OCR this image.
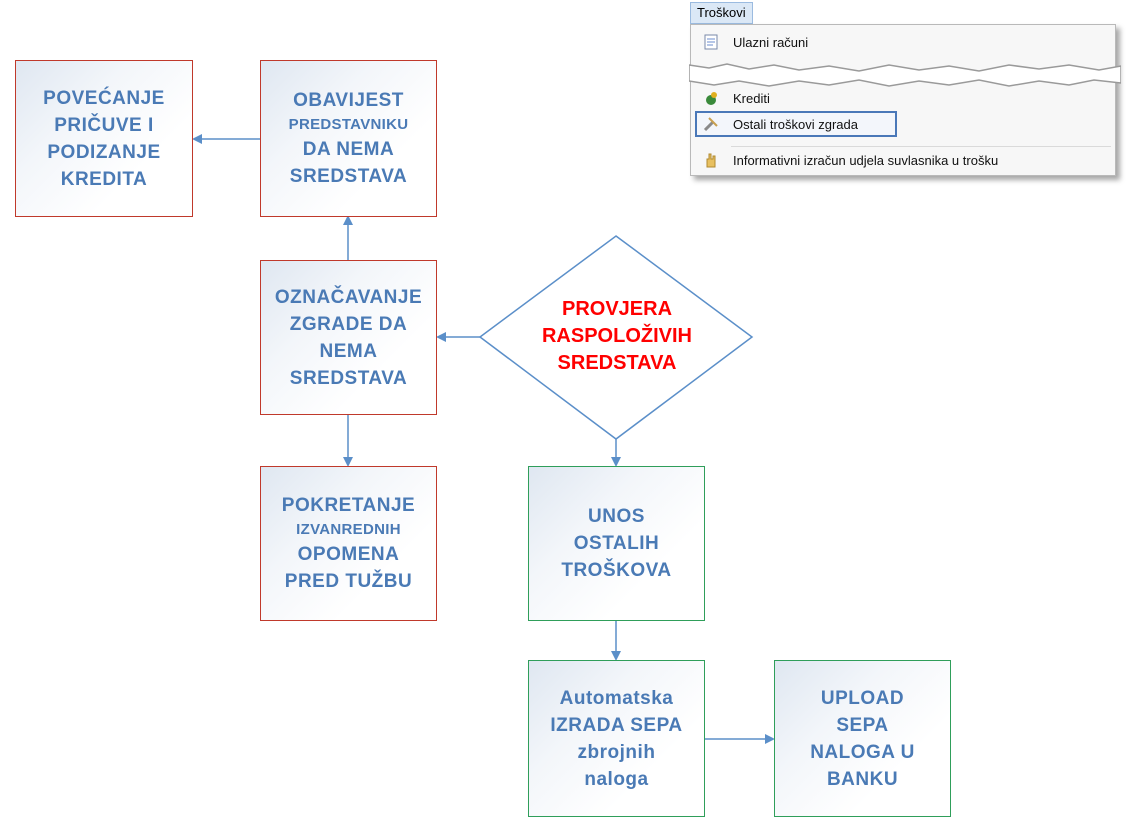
POVEĆANJE
PRIČUVE I
PODIZANJE
KREDITA
OBAVIJEST
PREDSTAVNIKU
DA NEMA
SREDSTAVA
OZNAČAVANJE
ZGRADE DA
NEMA
SREDSTAVA
PROVJERA
RASPOLOŽIVIH
SREDSTAVA
POKRETANJE
IZVANREDNIH
OPOMENA
PRED TUŽBU
UNOS
OSTALIH
TROŠKOVA
Automatska
IZRADA SEPA
zbrojnih
naloga
UPLOAD
SEPA
NALOGA U
BANKU
Troškovi
Ulazni računi
Krediti
Ostali troškovi zgrada
Informativni izračun udjela suvlasnika u trošku
